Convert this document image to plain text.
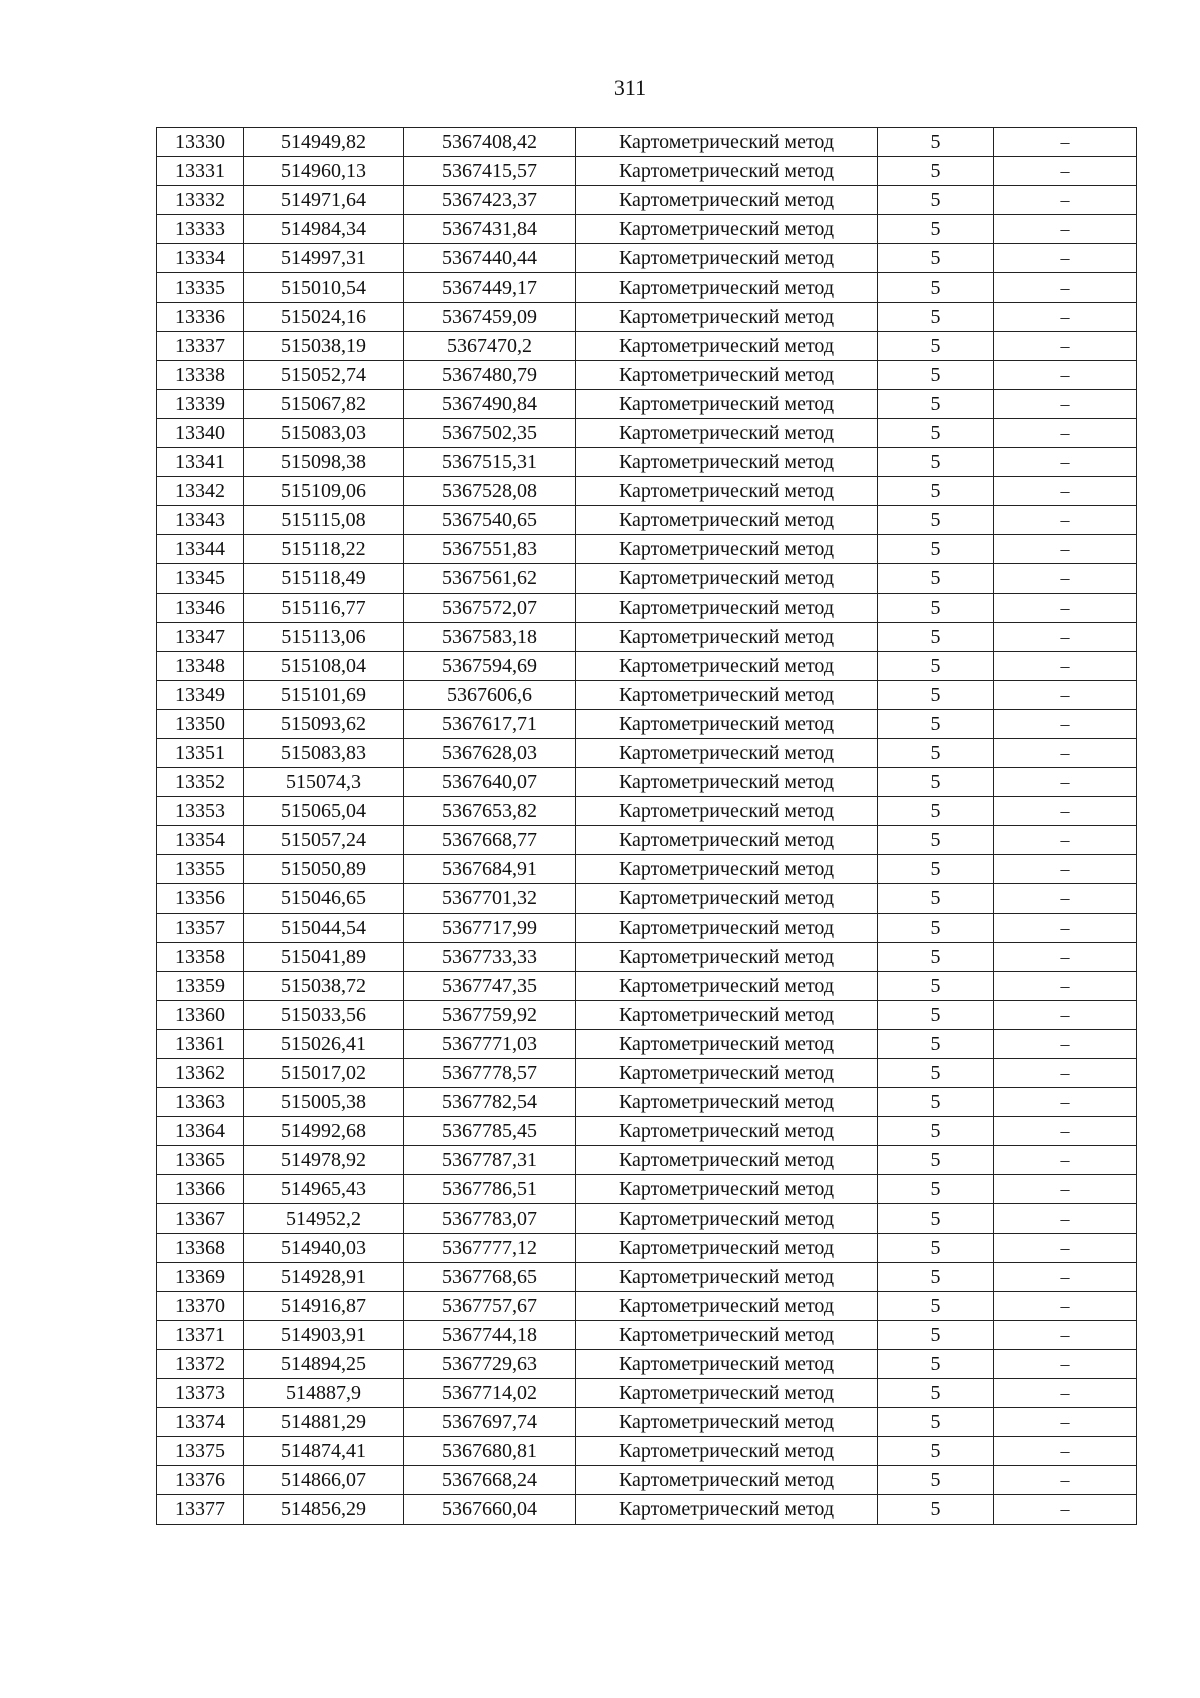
311
13330	514949,82	5367408,42	Картометрический метод	5	–
13331	514960,13	5367415,57	Картометрический метод	5	–
13332	514971,64	5367423,37	Картометрический метод	5	–
13333	514984,34	5367431,84	Картометрический метод	5	–
13334	514997,31	5367440,44	Картометрический метод	5	–
13335	515010,54	5367449,17	Картометрический метод	5	–
13336	515024,16	5367459,09	Картометрический метод	5	–
13337	515038,19	5367470,2	Картометрический метод	5	–
13338	515052,74	5367480,79	Картометрический метод	5	–
13339	515067,82	5367490,84	Картометрический метод	5	–
13340	515083,03	5367502,35	Картометрический метод	5	–
13341	515098,38	5367515,31	Картометрический метод	5	–
13342	515109,06	5367528,08	Картометрический метод	5	–
13343	515115,08	5367540,65	Картометрический метод	5	–
13344	515118,22	5367551,83	Картометрический метод	5	–
13345	515118,49	5367561,62	Картометрический метод	5	–
13346	515116,77	5367572,07	Картометрический метод	5	–
13347	515113,06	5367583,18	Картометрический метод	5	–
13348	515108,04	5367594,69	Картометрический метод	5	–
13349	515101,69	5367606,6	Картометрический метод	5	–
13350	515093,62	5367617,71	Картометрический метод	5	–
13351	515083,83	5367628,03	Картометрический метод	5	–
13352	515074,3	5367640,07	Картометрический метод	5	–
13353	515065,04	5367653,82	Картометрический метод	5	–
13354	515057,24	5367668,77	Картометрический метод	5	–
13355	515050,89	5367684,91	Картометрический метод	5	–
13356	515046,65	5367701,32	Картометрический метод	5	–
13357	515044,54	5367717,99	Картометрический метод	5	–
13358	515041,89	5367733,33	Картометрический метод	5	–
13359	515038,72	5367747,35	Картометрический метод	5	–
13360	515033,56	5367759,92	Картометрический метод	5	–
13361	515026,41	5367771,03	Картометрический метод	5	–
13362	515017,02	5367778,57	Картометрический метод	5	–
13363	515005,38	5367782,54	Картометрический метод	5	–
13364	514992,68	5367785,45	Картометрический метод	5	–
13365	514978,92	5367787,31	Картометрический метод	5	–
13366	514965,43	5367786,51	Картометрический метод	5	–
13367	514952,2	5367783,07	Картометрический метод	5	–
13368	514940,03	5367777,12	Картометрический метод	5	–
13369	514928,91	5367768,65	Картометрический метод	5	–
13370	514916,87	5367757,67	Картометрический метод	5	–
13371	514903,91	5367744,18	Картометрический метод	5	–
13372	514894,25	5367729,63	Картометрический метод	5	–
13373	514887,9	5367714,02	Картометрический метод	5	–
13374	514881,29	5367697,74	Картометрический метод	5	–
13375	514874,41	5367680,81	Картометрический метод	5	–
13376	514866,07	5367668,24	Картометрический метод	5	–
13377	514856,29	5367660,04	Картометрический метод	5	–
